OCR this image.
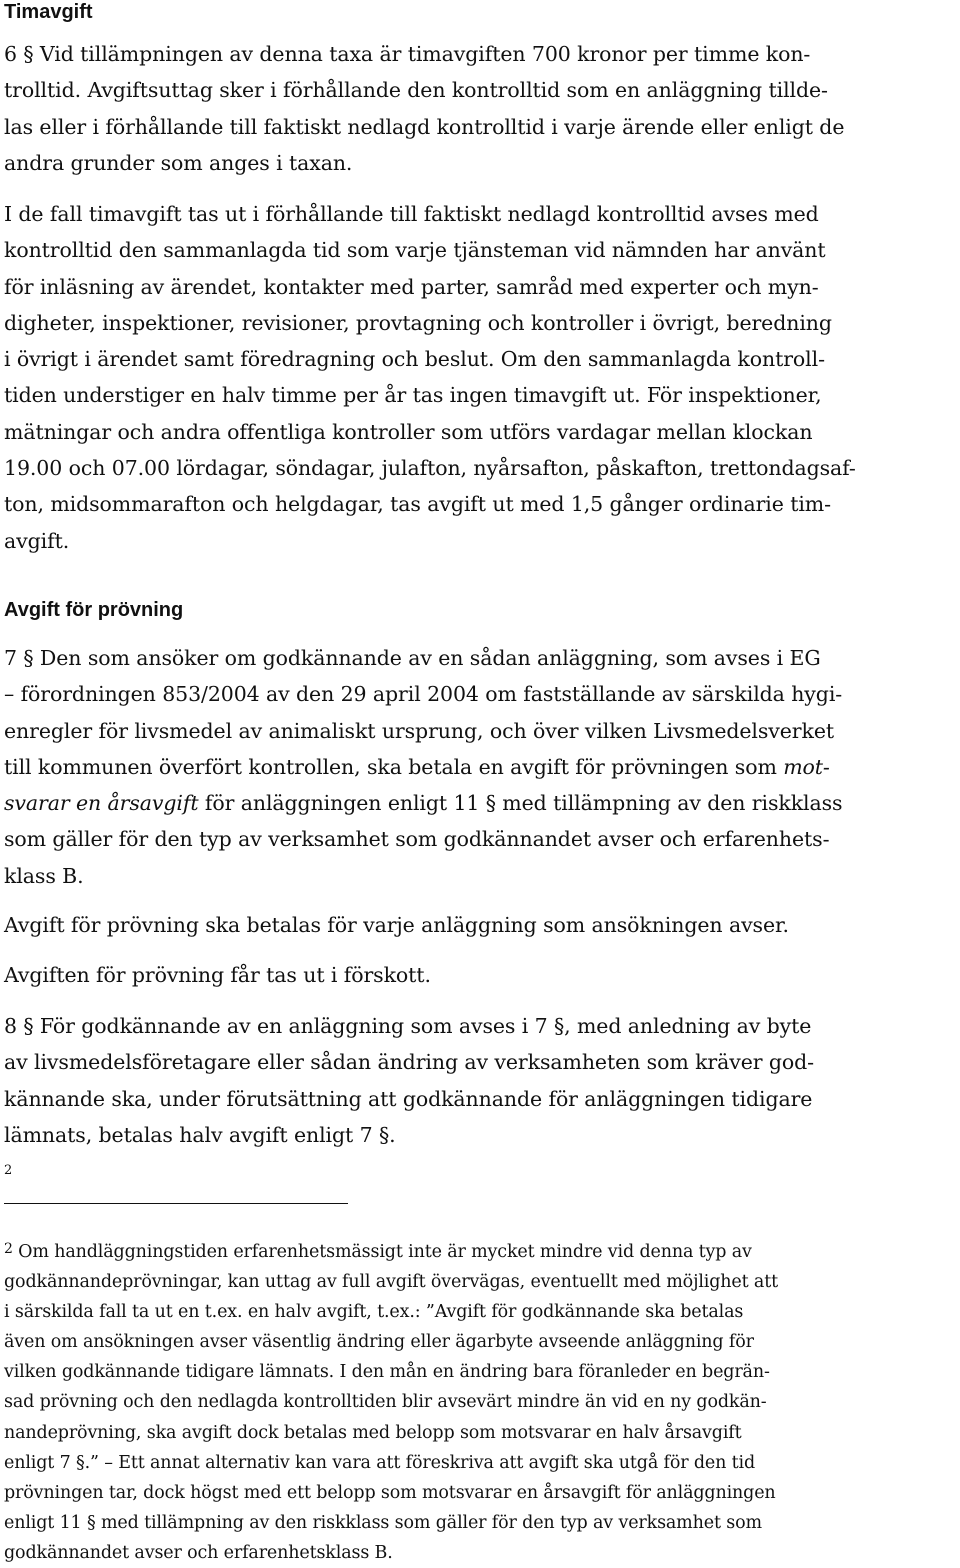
Timavgift

6 § Vid tillämpningen av denna taxa är timavgiften 700 kronor per timme kon-
trolltid. Avgiftsuttag sker i förhållande den kontrolltid som en anläggning tillde-
las eller i förhållande till faktiskt nedlagd kontrolltid i varje ärende eller enligt de
andra grunder som anges i taxan.

I de fall timavgift tas ut i förhållande till faktiskt nedlagd kontrolltid avses med
kontrolltid den sammanlagda tid som varje tjänsteman vid nämnden har använt
för inläsning av ärendet, kontakter med parter, samråd med experter och myn-
digheter, inspektioner, revisioner, provtagning och kontroller i övrigt, beredning
i övrigt i ärendet samt föredragning och beslut. Om den sammanlagda kontroll-
tiden understiger en halv timme per år tas ingen timavgift ut. För inspektioner,
mätningar och andra offentliga kontroller som utförs vardagar mellan klockan
19.00 och 07.00 lördagar, söndagar, julafton, nyårsafton, påskafton, trettondagsaf-
ton, midsommarafton och helgdagar, tas avgift ut med 1,5 gånger ordinarie tim-
avgift.

Avgift för prövning

7 § Den som ansöker om godkännande av en sådan anläggning, som avses i EG
– förordningen 853/2004 av den 29 april 2004 om fastställande av särskilda hygi-
enregler för livsmedel av animaliskt ursprung, och över vilken Livsmedelsverket
till kommunen överfört kontrollen, ska betala en avgift för prövningen som mot-
svarar en årsavgift för anläggningen enligt 11 § med tillämpning av den riskklass
som gäller för den typ av verksamhet som godkännandet avser och erfarenhets-
klass B.

Avgift för prövning ska betalas för varje anläggning som ansökningen avser.

Avgiften för prövning får tas ut i förskott.

8 § För godkännande av en anläggning som avses i 7 §, med anledning av byte
av livsmedelsföretagare eller sådan ändring av verksamheten som kräver god-
kännande ska, under förutsättning att godkännande för anläggningen tidigare
lämnats, betalas halv avgift enligt 7 §.
2

$^2$ Om handläggningstiden erfarenhetsmässigt inte är mycket mindre vid denna typ av
godkännandeprövningar, kan uttag av full avgift övervägas, eventuellt med möjlighet att
i särskilda fall ta ut en t.ex. en halv avgift, t.ex.: ”Avgift för godkännande ska betalas
även om ansökningen avser väsentlig ändring eller ägarbyte avseende anläggning för
vilken godkännande tidigare lämnats. I den mån en ändring bara föranleder en begrän-
sad prövning och den nedlagda kontrolltiden blir avsevärt mindre än vid en ny godkän-
nandeprövning, ska avgift dock betalas med belopp som motsvarar en halv årsavgift
enligt 7 §.” – Ett annat alternativ kan vara att föreskriva att avgift ska utgå för den tid
prövningen tar, dock högst med ett belopp som motsvarar en årsavgift för anläggningen
enligt 11 § med tillämpning av den riskklass som gäller för den typ av verksamhet som
godkännandet avser och erfarenhetsklass B.
